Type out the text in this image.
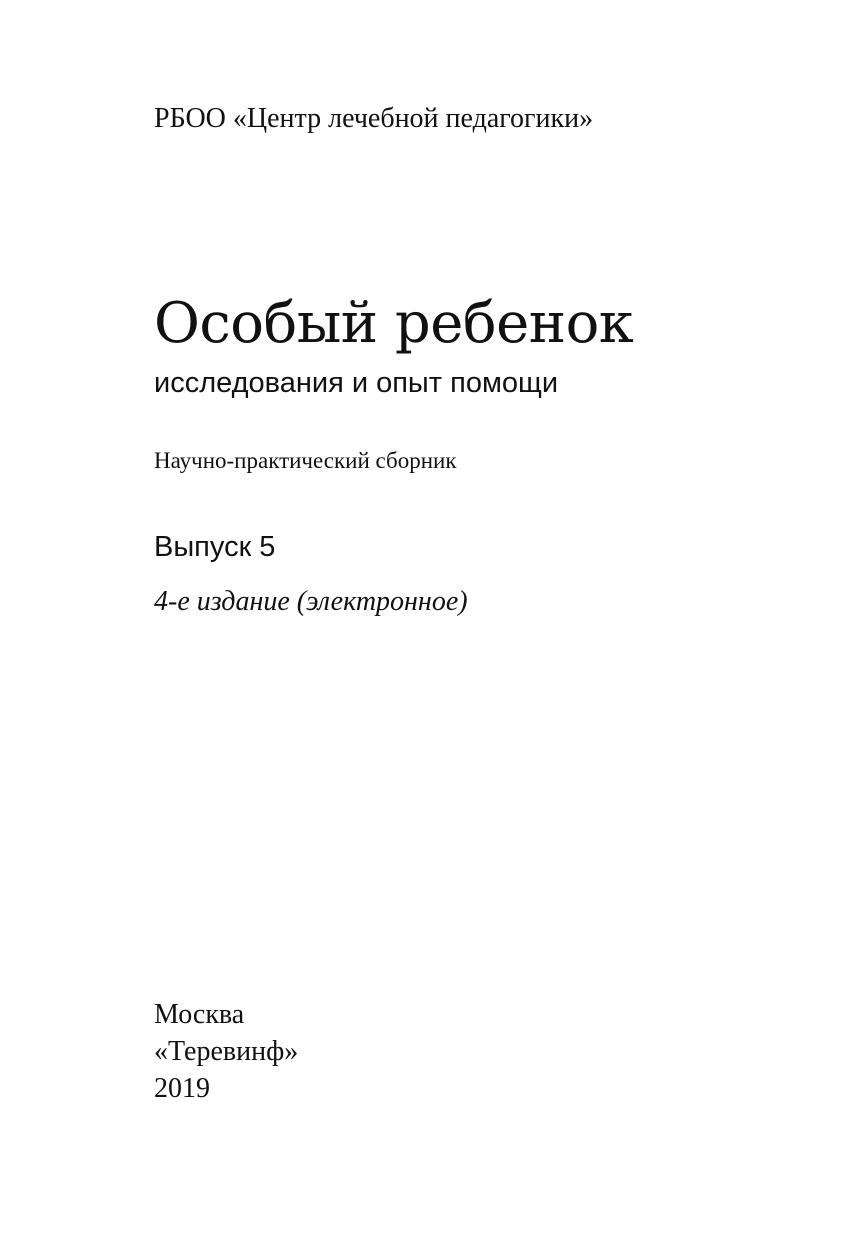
РБОО «Центр лечебной педагогики»
Особый ребенок
исследования и опыт помощи
Научно-практический сборник
Выпуск 5
4-е издание (электронное)
Москва
«Теревинф»
2019
